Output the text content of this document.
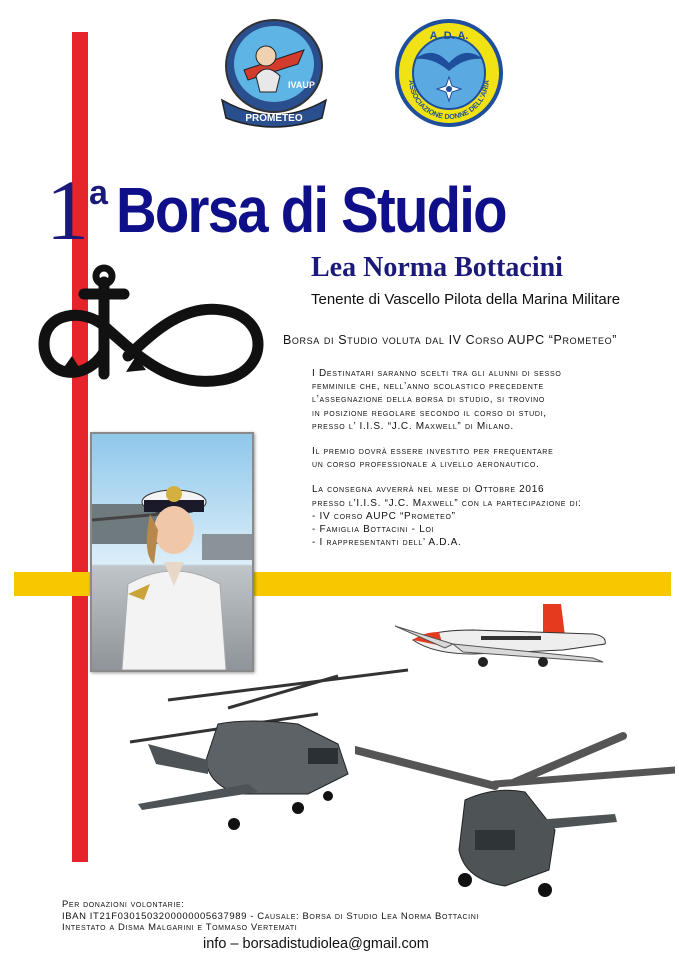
IVAUP
PROMETEO
A. D. A.
ASSOCIAZIONE DONNE DELL'ARIA
1a Borsa di Studio
Lea Norma Bottacini
Tenente di Vascello Pilota della Marina Militare
Borsa di Studio voluta dal IV Corso AUPC “Prometeo”

I Destinatari saranno scelti tra gli alunni di sesso
femminile che, nell’anno scolastico precedente
l’assegnazione della borsa di studio, si trovino
in posizione regolare secondo il corso di studi,
presso l’ I.I.S. “J.C. Maxwell” di Milano.

Il premio dovrà essere investito per frequentare
un corso professionale a livello aeronautico.

La consegna avverrà nel mese di Ottobre 2016
presso l’I.I.S. “J.C. Maxwell” con la partecipazione di:
- IV corso AUPC “Prometeo”
- Famiglia Bottacini - Loi
- I rappresentanti dell’ A.D.A.

Per donazioni volontarie:
IBAN IT21F0301503200000005637989 - Causale: Borsa di Studio Lea Norma Bottacini
Intestato a Disma Malgarini e Tommaso Vertemati
info – borsadistudiolea@gmail.com
